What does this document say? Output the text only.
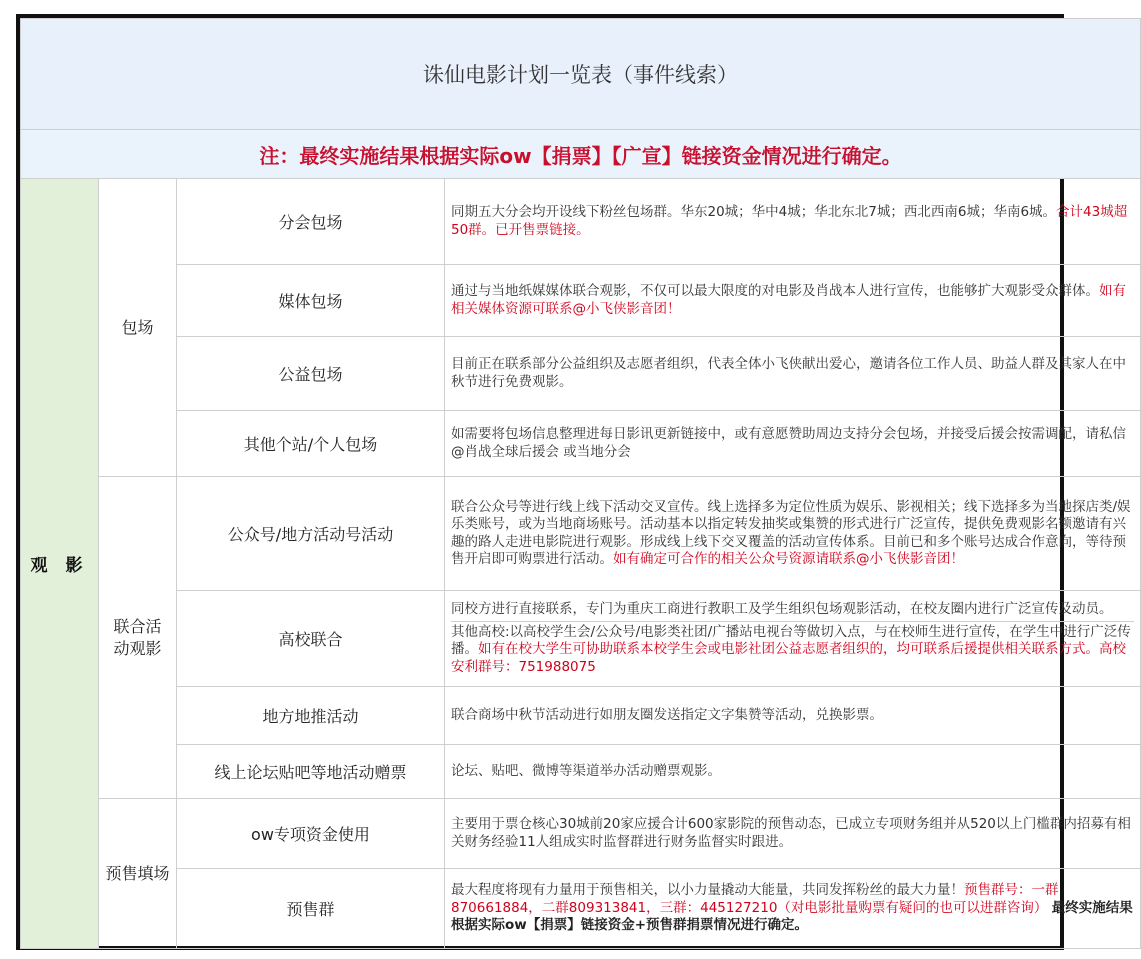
诛仙电影计划一览表（事件线索）			
注：最终实施结果根据实际ow【捐票】【广宣】链接资金情况进行确定。			
观 影	包场	分会包场	同期五大分会均开设线下粉丝包场群。华东20城；华中4城；华北东北7城；西北西南6城；华南6城。合计43城超50群。已开售票链接。
		媒体包场	通过与当地纸媒媒体联合观影，不仅可以最大限度的对电影及肖战本人进行宣传，也能够扩大观影受众群体。如有相关媒体资源可联系@小飞侠影音团！
		公益包场	目前正在联系部分公益组织及志愿者组织，代表全体小飞侠献出爱心，邀请各位工作人员、助益人群及其家人在中秋节进行免费观影。
		其他个站/个人包场	如需要将包场信息整理进每日影讯更新链接中，或有意愿赞助周边支持分会包场，并接受后援会按需调配，请私信@肖战全球后援会 或当地分会
	联合活
动观影	公众号/地方活动号活动	联合公众号等进行线上线下活动交叉宣传。线上选择多为定位性质为娱乐、影视相关；线下选择多为当地探店类/娱乐类账号，或为当地商场账号。活动基本以指定转发抽奖或集赞的形式进行广泛宣传，提供免费观影名额邀请有兴趣的路人走进电影院进行观影。形成线上线下交叉覆盖的活动宣传体系。目前已和多个账号达成合作意向，等待预售开启即可购票进行活动。如有确定可合作的相关公众号资源请联系@小飞侠影音团！
		高校联合	同校方进行直接联系，专门为重庆工商进行教职工及学生组织包场观影活动，在校友圈内进行广泛宣传及动员。
其他高校:以高校学生会/公众号/电影类社团/广播站电视台等做切入点，与在校师生进行宣传，在学生中进行广泛传播。如有在校大学生可协助联系本校学生会或电影社团公益志愿者组织的，均可联系后援提供相关联系方式。高校安利群号：751988075
		地方地推活动	联合商场中秋节活动进行如朋友圈发送指定文字集赞等活动，兑换影票。
		线上论坛贴吧等地活动赠票	论坛、贴吧、微博等渠道举办活动赠票观影。
	预售填场	ow专项资金使用	主要用于票仓核心30城前20家应援合计600家影院的预售动态，已成立专项财务组并从520以上门槛群内招募有相关财务经验11人组成实时监督群进行财务监督实时跟进。
		预售群	最大程度将现有力量用于预售相关，以小力量撬动大能量，共同发挥粉丝的最大力量！预售群号：一群 870661884，二群809313841，三群：445127210（对电影批量购票有疑问的也可以进群咨询） 最终实施结果根据实际ow【捐票】链接资金+预售群捐票情况进行确定。
